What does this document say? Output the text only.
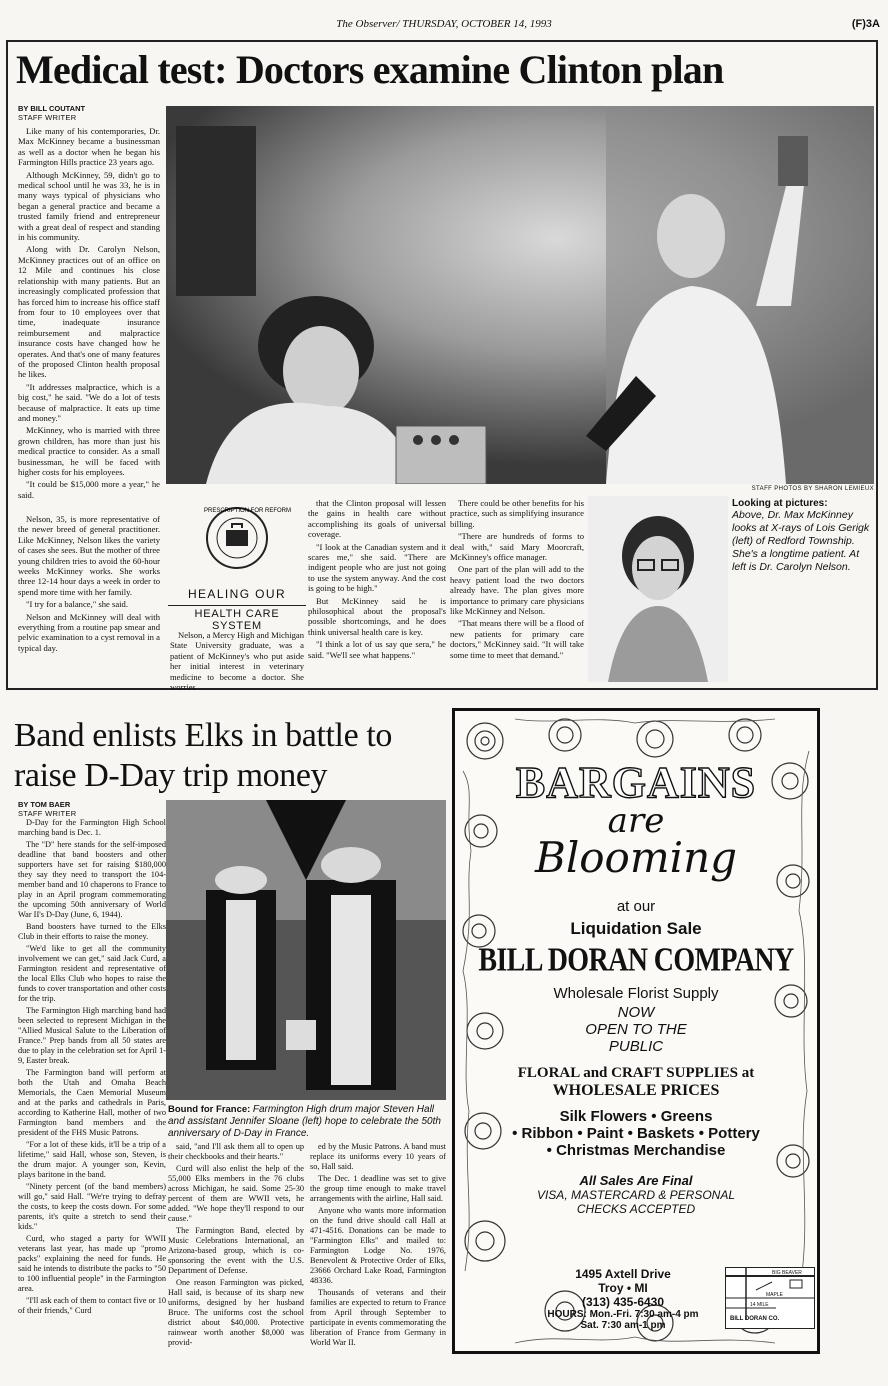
The Observer/ THURSDAY, OCTOBER 14, 1993	(F)3A
Medical test: Doctors examine Clinton plan
BY BILL COUTANT
STAFF WRITER

Like many of his contemporaries, Dr. Max McKinney became a businessman as well as a doctor when he began his Farmington Hills practice 23 years ago.

Although McKinney, 59, didn't go to medical school until he was 33, he is in many ways typical of physicians who began a general practice and became a trusted family friend and entrepreneur with a great deal of respect and standing in his community.

Along with Dr. Carolyn Nelson, McKinney practices out of an office on 12 Mile and continues his close relationship with many patients. But an increasingly complicated profession that has forced him to increase his office staff from four to 10 employees over that time, inadequate insurance reimbursement and malpractice insurance costs have changed how he operates. And that's one of many features of the proposed Clinton health proposal he likes.

"It addresses malpractice, which is a big cost," he said. "We do a lot of tests because of malpractice. It eats up time and money."

McKinney, who is married with three grown children, has more than just his medical practice to consider. As a small businessman, he will be faced with higher costs for his employees.

"It could be $15,000 more a year," he said.

STAFF PHOTOS BY SHARON LEMIEUX

Nelson, 35, is more representative of the newer breed of general practitioner. Like McKinney, Nelson likes the variety of cases she sees. But the mother of three young children tries to avoid the 60-hour weeks McKinney works. She works three 12-14 hour days a week in order to spend more time with her family.

"I try for a balance," she said.

Nelson and McKinney will deal with everything from a routine pap smear and pelvic examination to a cyst removal in a typical day.

PRESCRIPTION FOR REFORM
HEALING OUR
HEALTH CARE SYSTEM

Nelson, a Mercy High and Michigan State University graduate, was a patient of McKinney's who put aside her initial interest in veterinary medicine to become a doctor. She worries

that the Clinton proposal will lessen the gains in health care without accomplishing its goals of universal coverage.

"I look at the Canadian system and it scares me," she said. "There are indigent people who are just not going to use the system anyway. And the cost is going to be high."

But McKinney said he is philosophical about the proposal's possible shortcomings, and he does think universal health care is key.

"I think a lot of us say que sera," he said. "We'll see what happens."

There could be other benefits for his practice, such as simplifying insurance billing.

"There are hundreds of forms to deal with," said Mary Moorcraft, McKinney's office manager.

One part of the plan will add to the heavy patient load the two doctors already have. The plan gives more importance to primary care physicians like McKinney and Nelson.

"That means there will be a flood of new patients for primary care doctors," McKinney said. "It will take some time to meet that demand."

Looking at pictures:
Above, Dr. Max McKinney looks at X-rays of Lois Gerigk (left) of Redford Township. She's a longtime patient. At left is Dr. Carolyn Nelson.
Band enlists Elks in battle to raise D-Day trip money
BY TOM BAER
STAFF WRITER

D-Day for the Farmington High School marching band is Dec. 1.

The "D" here stands for the self-imposed deadline that band boosters and other supporters have set for raising $180,000 they say they need to transport the 104-member band and 10 chaperons to France to play in an April program commemorating the upcoming 50th anniversary of World War II's D-Day (June, 6, 1944).

Band boosters have turned to the Elks Club in their efforts to raise the money.

"We'd like to get all the community involvement we can get," said Jack Curd, a Farmington resident and representative of the local Elks Club who hopes to raise the funds to cover transportation and other costs for the trip.

The Farmington High marching band had been selected to represent Michigan in the "Allied Musical Salute to the Liberation of France." Prep bands from all 50 states are due to play in the celebration set for April 1-9, Easter break.

The Farmington band will perform at both the Utah and Omaha Beach Memorials, the Caen Memorial Museum and at the parks and cathedrals in Paris, according to Katherine Hall, mother of two Farmington band members and the president of the FHS Music Patrons.

"For a lot of these kids, it'll be a trip of a lifetime," said Hall, whose son, Steven, is the drum major. A younger son, Kevin, plays baritone in the band.

"Ninety percent (of the band members) will go," said Hall. "We're trying to defray the costs, to keep the costs down. For some parents, it's quite a stretch to send their kids."

Curd, who staged a party for WWII veterans last year, has made up "promo packs" explaining the need for funds. He said he intends to distribute the packs to "50 to 100 influential people" in the Farmington area.

"I'll ask each of them to contact five or 10 of their friends," Curd

Bound for France: Farmington High drum major Steven Hall and assistant Jennifer Sloane (left) hope to celebrate the 50th anniversary of D-Day in France.

said, "and I'll ask them all to open up their checkbooks and their hearts."

Curd will also enlist the help of the 55,000 Elks members in the 76 clubs across Michigan, he said. Some 25-30 percent of them are WWII vets, he added. "We hope they'll respond to our cause."

The Farmington Band, elected by Music Celebrations International, an Arizona-based group, which is co-sponsoring the event with the U.S. Department of Defense.

One reason Farmington was picked, Hall said, is because of its sharp new uniforms, designed by her husband Bruce. The uniforms cost the school district about $40,000. Protective rainwear worth another $8,000 was provid-

ed by the Music Patrons. A band must replace its uniforms every 10 years of so, Hall said.

The Dec. 1 deadline was set to give the group time enough to make travel arrangements with the airline, Hall said.

Anyone who wants more information on the fund drive should call Hall at 471-4516. Donations can be made to "Farmington Elks" and mailed to: Farmington Lodge No. 1976, Benevolent & Protective Order of Elks, 23666 Orchard Lake Road, Farmington 48336.

Thousands of veterans and their families are expected to return to France from April through September to participate in events commemorating the liberation of France from Germany in World War II.

BARGAINS
are
Blooming
at our
Liquidation Sale
BILL DORAN COMPANY
Wholesale Florist Supply
NOW
OPEN TO THE
PUBLIC
FLORAL and CRAFT SUPPLIES at
WHOLESALE PRICES
Silk Flowers • Greens
• Ribbon • Paint • Baskets • Pottery
• Christmas Merchandise
All Sales Are Final
VISA, MASTERCARD & PERSONAL
CHECKS ACCEPTED
1495 Axtell Drive
Troy • MI
(313) 435-6430
HOURS: Mon.-Fri. 7:30 am-4 pm
Sat. 7:30 am-1 pm
BIG BEAVER
MAPLE
14 MILE
BILL DORAN CO.
